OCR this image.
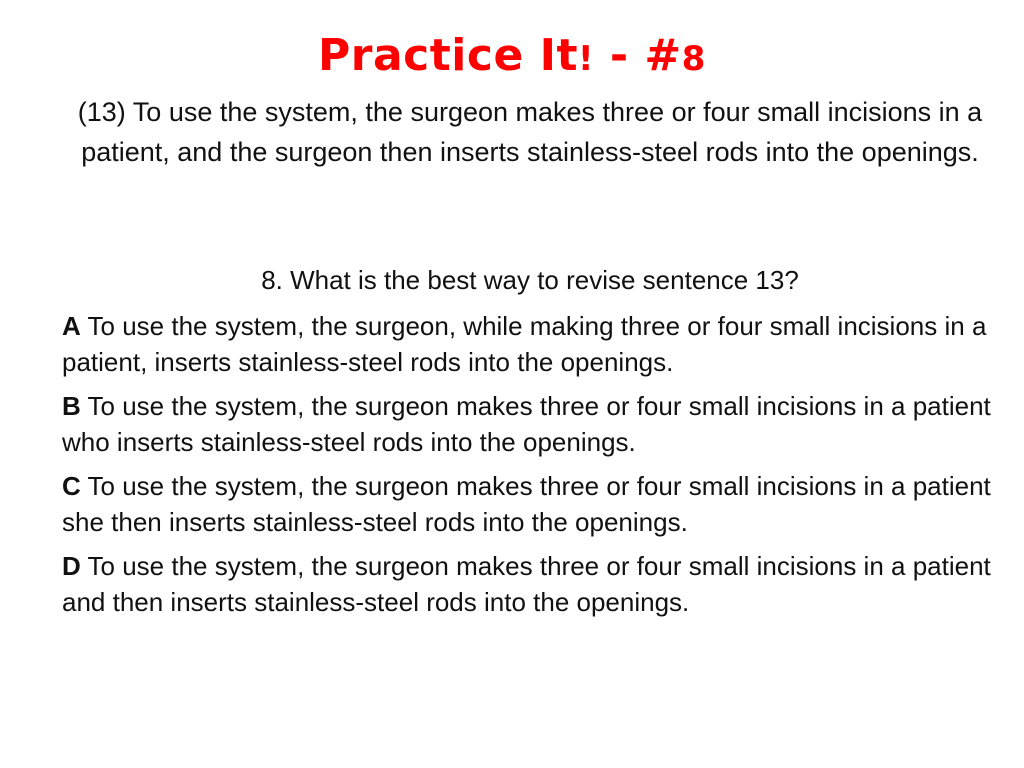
Practice It! - #8
(13) To use the system, the surgeon makes three or four small incisions in a patient, and the surgeon then inserts stainless-steel rods into the openings.
8. What is the best way to revise sentence 13?
A To use the system, the surgeon, while making three or four small incisions in a patient, inserts stainless-steel rods into the openings.
B To use the system, the surgeon makes three or four small incisions in a patient who inserts stainless-steel rods into the openings.
C To use the system, the surgeon makes three or four small incisions in a patient she then inserts stainless-steel rods into the openings.
D To use the system, the surgeon makes three or four small incisions in a patient and then inserts stainless-steel rods into the openings.
